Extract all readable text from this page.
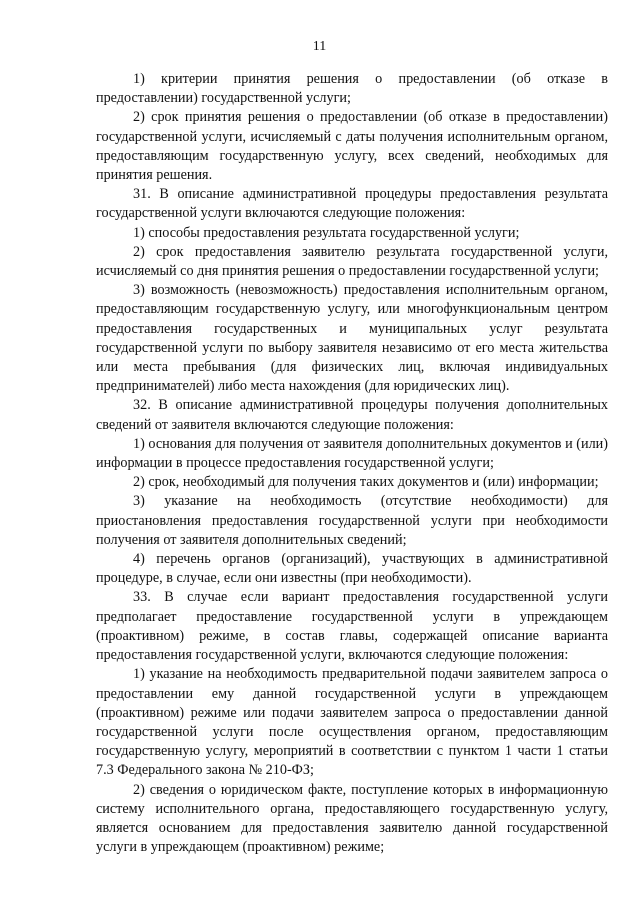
11

1) критерии принятия решения о предоставлении (об отказе в предоставлении) государственной услуги;

2) срок принятия решения о предоставлении (об отказе в предоставлении) государственной услуги, исчисляемый с даты получения исполнительным органом, предоставляющим государственную услугу, всех сведений, необходимых для принятия решения.

31. В описание административной процедуры предоставления результата государственной услуги включаются следующие положения:

1) способы предоставления результата государственной услуги;

2) срок предоставления заявителю результата государственной услуги, исчисляемый со дня принятия решения о предоставлении государственной услуги;

3) возможность (невозможность) предоставления исполнительным органом, предоставляющим государственную услугу, или многофункциональным центром предоставления государственных и муниципальных услуг результата государственной услуги по выбору заявителя независимо от его места жительства или места пребывания (для физических лиц, включая индивидуальных предпринимателей) либо места нахождения (для юридических лиц).

32. В описание административной процедуры получения дополнительных сведений от заявителя включаются следующие положения:

1) основания для получения от заявителя дополнительных документов и (или) информации в процессе предоставления государственной услуги;

2) срок, необходимый для получения таких документов и (или) информации;

3) указание на необходимость (отсутствие необходимости) для приостановления предоставления государственной услуги при необходимости получения от заявителя дополнительных сведений;

4) перечень органов (организаций), участвующих в административной процедуре, в случае, если они известны (при необходимости).

33. В случае если вариант предоставления государственной услуги предполагает предоставление государственной услуги в упреждающем (проактивном) режиме, в состав главы, содержащей описание варианта предоставления государственной услуги, включаются следующие положения:

1) указание на необходимость предварительной подачи заявителем запроса о предоставлении ему данной государственной услуги в упреждающем (проактивном) режиме или подачи заявителем запроса о предоставлении данной государственной услуги после осуществления органом, предоставляющим государственную услугу, мероприятий в соответствии с пунктом 1 части 1 статьи 7.3 Федерального закона № 210-ФЗ;

2) сведения о юридическом факте, поступление которых в информационную систему исполнительного органа, предоставляющего государственную услугу, является основанием для предоставления заявителю данной государственной услуги в упреждающем (проактивном) режиме;
